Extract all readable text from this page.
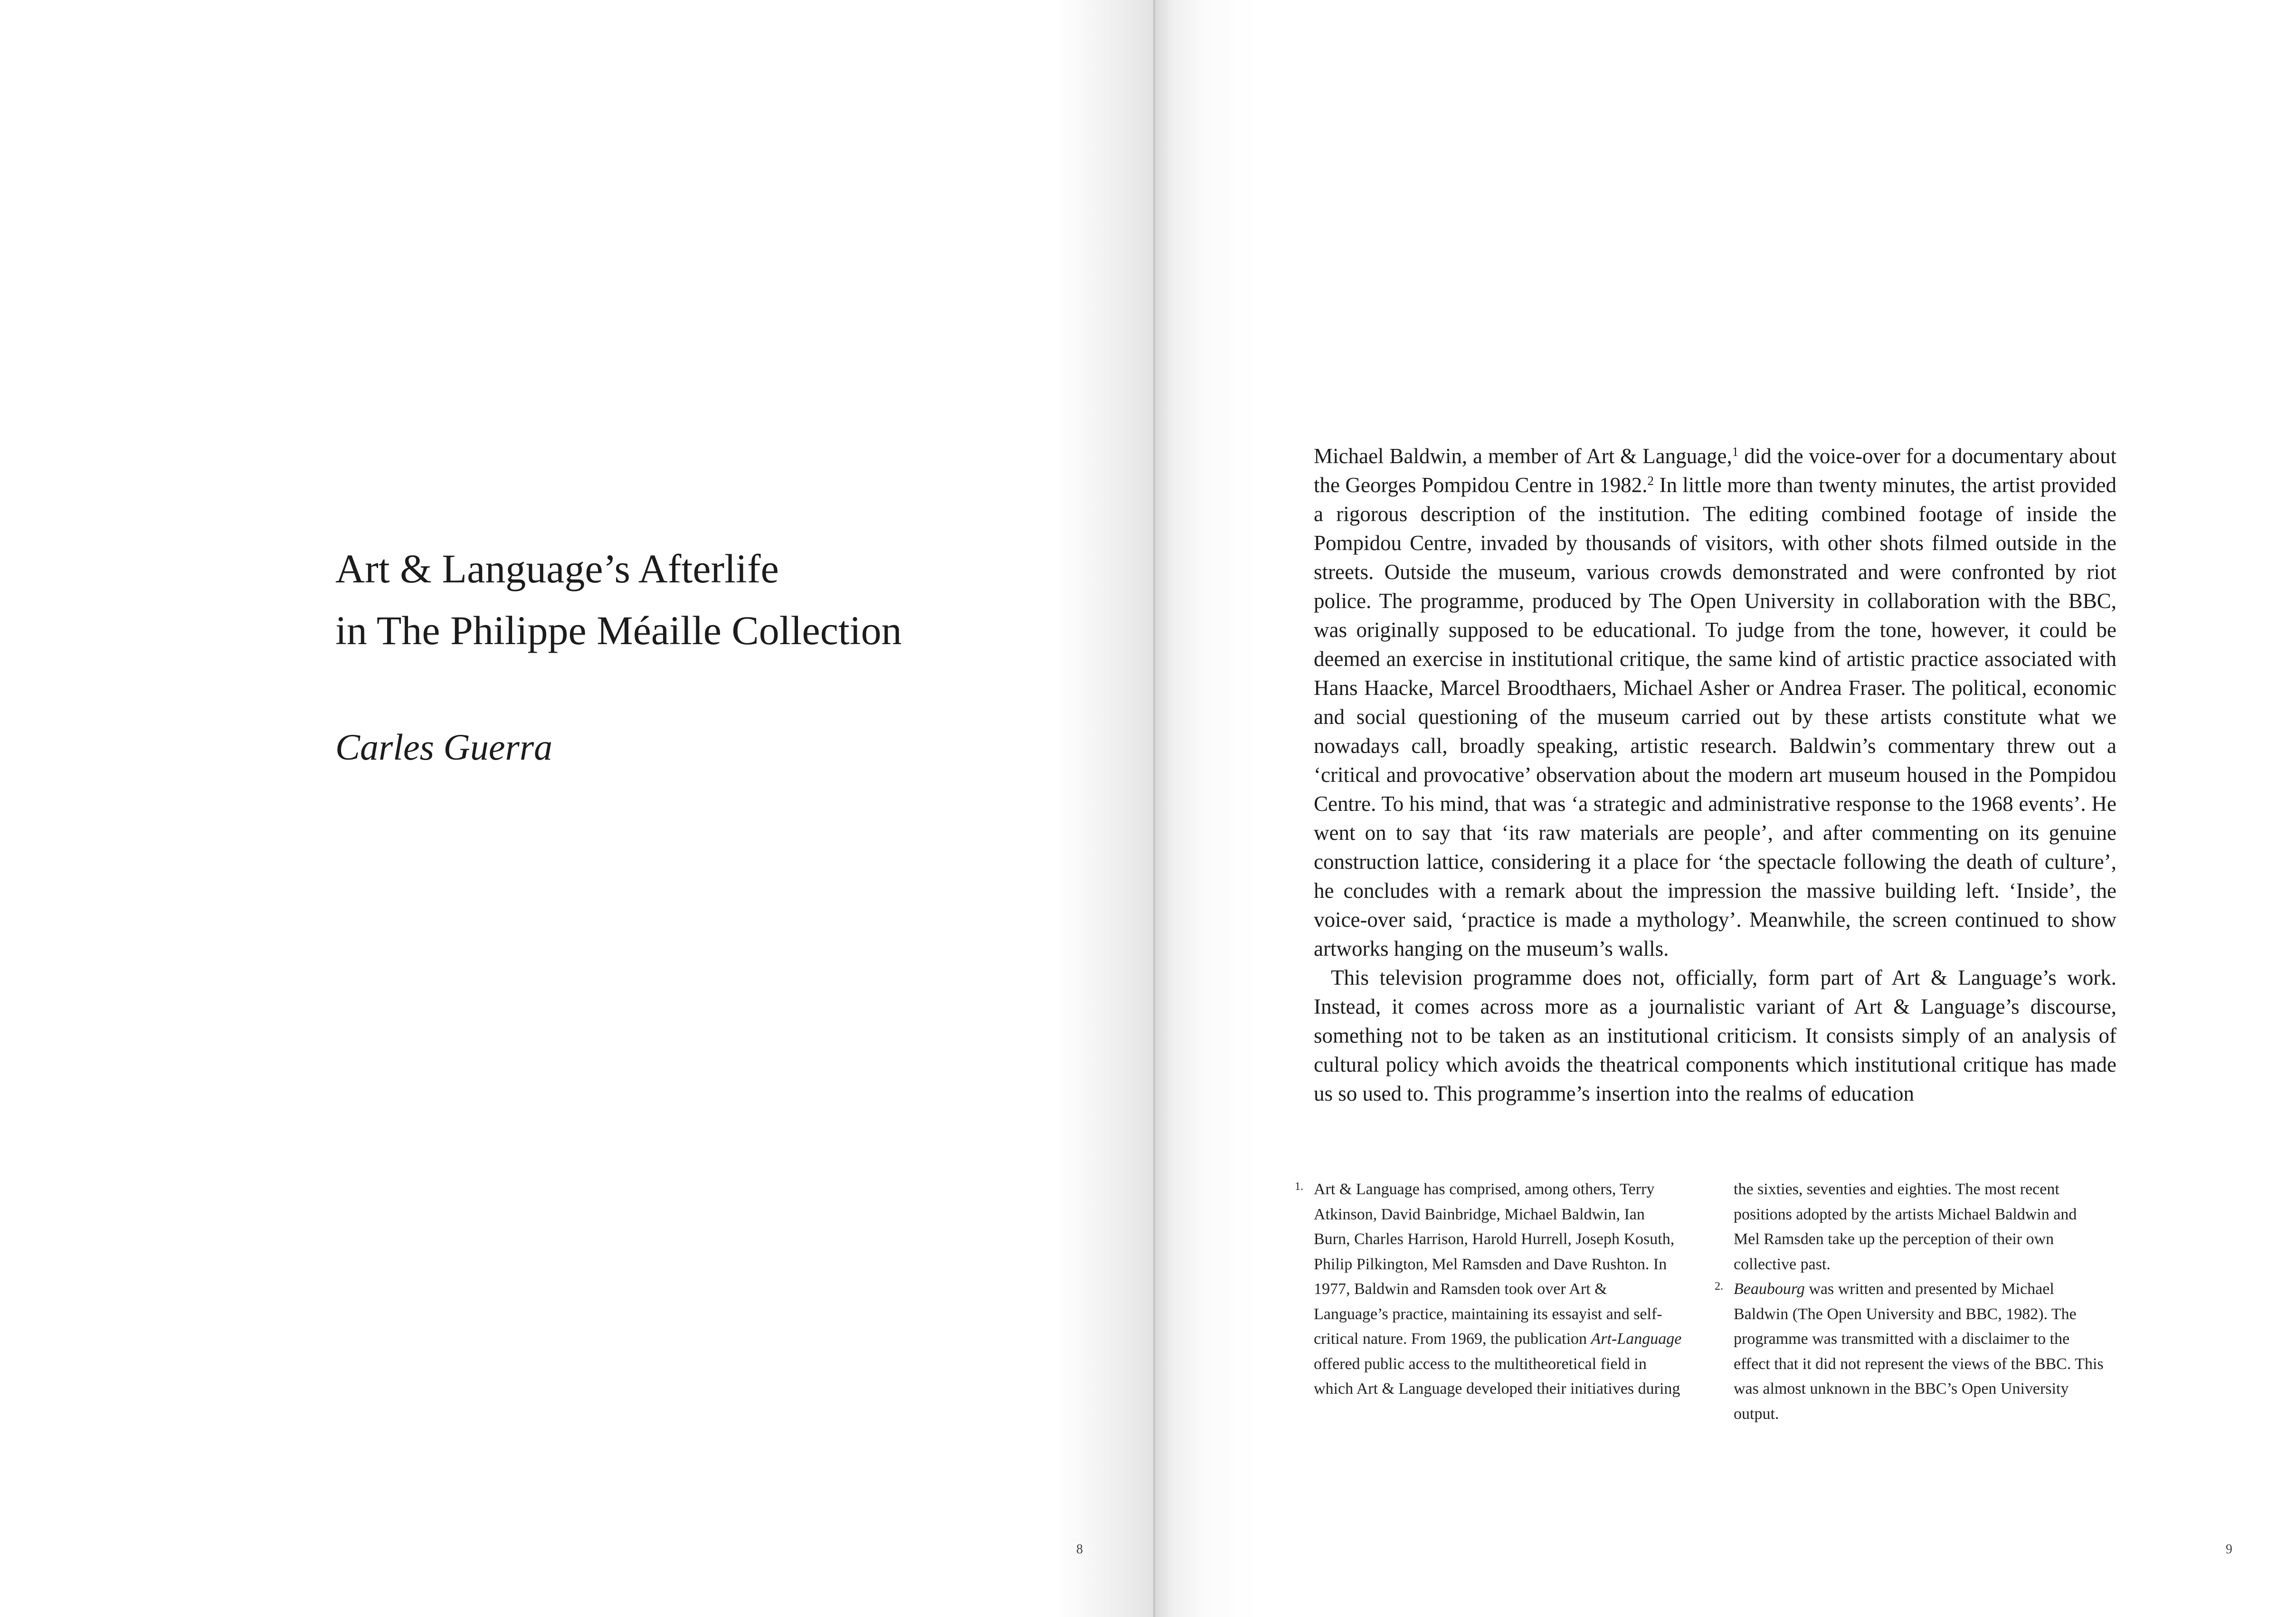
Art & Language’s Afterlife
in The Philippe Méaille Collection
Carles Guerra
8

Michael Baldwin, a member of Art & Language,$^1$ did the voice-over for a documentary about the Georges Pompidou Centre in 1982.$^2$ In little more than twenty minutes, the artist provided a rigorous description of the institution. The editing combined footage of inside the Pompidou Centre, invaded by thousands of visitors, with other shots filmed outside in the streets. Outside the museum, various crowds demonstrated and were confronted by riot police. The programme, produced by The Open University in collaboration with the BBC, was originally supposed to be educational. To judge from the tone, however, it could be deemed an exercise in institutional critique, the same kind of artistic practice associated with Hans Haacke, Marcel Broodthaers, Michael Asher or Andrea Fraser. The political, economic and social questioning of the museum carried out by these artists constitute what we nowadays call, broadly speaking, artistic research. Baldwin’s commentary threw out a ‘critical and provocative’ observation about the modern art museum housed in the Pompidou Centre. To his mind, that was ‘a strategic and administrative response to the 1968 events’. He went on to say that ‘its raw materials are people’, and after commenting on its genuine construction lattice, considering it a place for ‘the spectacle following the death of culture’, he concludes with a remark about the impression the massive building left. ‘Inside’, the voice-over said, ‘practice is made a mythology’. Meanwhile, the screen continued to show artworks hanging on the museum’s walls.

This television programme does not, officially, form part of Art & Language’s work. Instead, it comes across more as a journalistic variant of Art & Language’s discourse, something not to be taken as an institutional criticism. It consists simply of an analysis of cultural policy which avoids the theatrical components which institutional critique has made us so used to. This programme’s insertion into the realms of education

1. Art & Language has comprised, among others, Terry Atkinson, David Bainbridge, Michael Baldwin, Ian Burn, Charles Harrison, Harold Hurrell, Joseph Kosuth, Philip Pilkington, Mel Ramsden and Dave Rushton. In 1977, Baldwin and Ramsden took over Art & Language’s practice, maintaining its essayist and self-critical nature. From 1969, the publication Art-Language offered public access to the multitheoretical field in which Art & Language developed their initiatives during

the sixties, seventies and eighties. The most recent positions adopted by the artists Michael Baldwin and Mel Ramsden take up the perception of their own collective past.

2. Beaubourg was written and presented by Michael Baldwin (The Open University and BBC, 1982). The programme was transmitted with a disclaimer to the effect that it did not represent the views of the BBC. This was almost unknown in the BBC’s Open University output.

9
